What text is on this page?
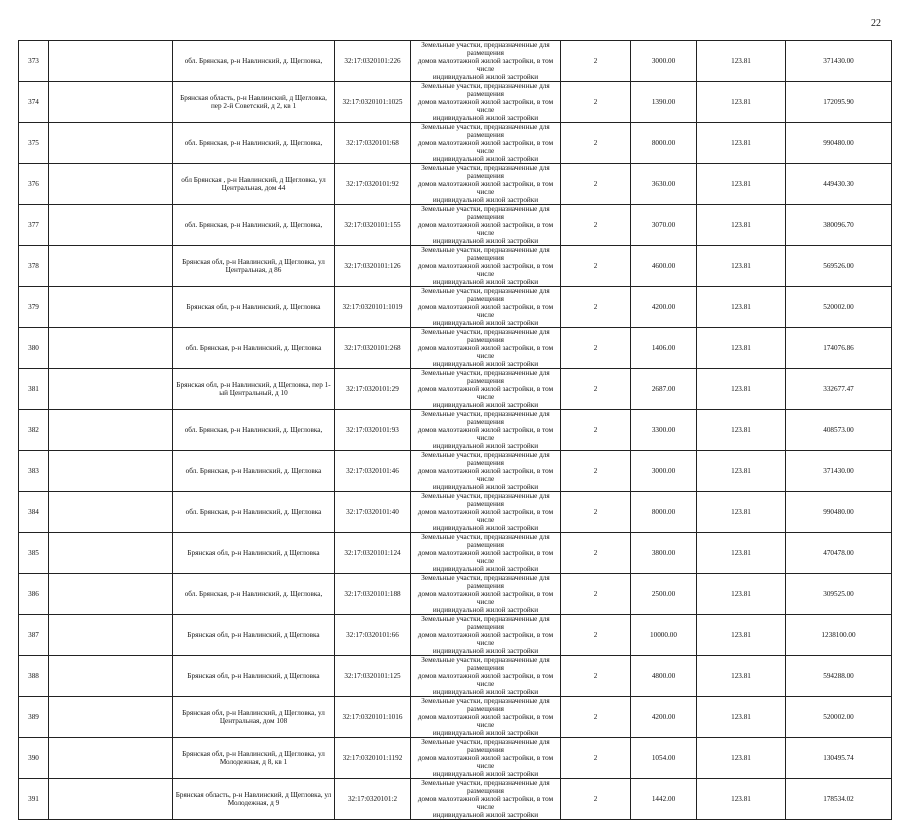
22
373		обл. Брянская, р-н Навлинский, д. Щегловка,	32:17:0320101:226	Земельные участки, предназначенные для размещения
домов малоэтажной жилой застройки, в том числе
индивидуальной жилой застройки	2	3000.00	123.81	371430.00
374		Брянская область, р-н Навлинский, д Щегловка, пер 2-й Советский, д 2, кв 1	32:17:0320101:1025	Земельные участки, предназначенные для размещения
домов малоэтажной жилой застройки, в том числе
индивидуальной жилой застройки	2	1390.00	123.81	172095.90
375		обл. Брянская, р-н Навлинский, д. Щегловка,	32:17:0320101:68	Земельные участки, предназначенные для размещения
домов малоэтажной жилой застройки, в том числе
индивидуальной жилой застройки	2	8000.00	123.81	990480.00
376		обл Брянская , р-н Навлинский, д Щегловка, ул Центральная, дом 44	32:17:0320101:92	Земельные участки, предназначенные для размещения
домов малоэтажной жилой застройки, в том числе
индивидуальной жилой застройки	2	3630.00	123.81	449430.30
377		обл. Брянская, р-н Навлинский, д. Щегловка,	32:17:0320101:155	Земельные участки, предназначенные для размещения
домов малоэтажной жилой застройки, в том числе
индивидуальной жилой застройки	2	3070.00	123.81	380096.70
378		Брянская обл, р-н Навлинский, д Щегловка, ул Центральная, д 86	32:17:0320101:126	Земельные участки, предназначенные для размещения
домов малоэтажной жилой застройки, в том числе
индивидуальной жилой застройки	2	4600.00	123.81	569526.00
379		Брянская обл, р-н Навлинский, д. Щегловка	32:17:0320101:1019	Земельные участки, предназначенные для размещения
домов малоэтажной жилой застройки, в том числе
индивидуальной жилой застройки	2	4200.00	123.81	520002.00
380		обл. Брянская, р-н Навлинский, д. Щегловка	32:17:0320101:268	Земельные участки, предназначенные для размещения
домов малоэтажной жилой застройки, в том числе
индивидуальной жилой застройки	2	1406.00	123.81	174076.86
381		Брянская обл, р-н Навлинский, д Щегловка, пер 1-ый Центральный, д 10	32:17:0320101:29	Земельные участки, предназначенные для размещения
домов малоэтажной жилой застройки, в том числе
индивидуальной жилой застройки	2	2687.00	123.81	332677.47
382		обл. Брянская, р-н Навлинский, д. Щегловка,	32:17:0320101:93	Земельные участки, предназначенные для размещения
домов малоэтажной жилой застройки, в том числе
индивидуальной жилой застройки	2	3300.00	123.81	408573.00
383		обл. Брянская, р-н Навлинский, д. Щегловка	32:17:0320101:46	Земельные участки, предназначенные для размещения
домов малоэтажной жилой застройки, в том числе
индивидуальной жилой застройки	2	3000.00	123.81	371430.00
384		обл. Брянская, р-н Навлинский, д. Щегловка	32:17:0320101:40	Земельные участки, предназначенные для размещения
домов малоэтажной жилой застройки, в том числе
индивидуальной жилой застройки	2	8000.00	123.81	990480.00
385		Брянская обл, р-н Навлинский, д Щегловка	32:17:0320101:124	Земельные участки, предназначенные для размещения
домов малоэтажной жилой застройки, в том числе
индивидуальной жилой застройки	2	3800.00	123.81	470478.00
386		обл. Брянская, р-н Навлинский, д. Щегловка,	32:17:0320101:188	Земельные участки, предназначенные для размещения
домов малоэтажной жилой застройки, в том числе
индивидуальной жилой застройки	2	2500.00	123.81	309525.00
387		Брянская обл, р-н Навлинский, д Щегловка	32:17:0320101:66	Земельные участки, предназначенные для размещения
домов малоэтажной жилой застройки, в том числе
индивидуальной жилой застройки	2	10000.00	123.81	1238100.00
388		Брянская обл, р-н Навлинский, д Щегловка	32:17:0320101:125	Земельные участки, предназначенные для размещения
домов малоэтажной жилой застройки, в том числе
индивидуальной жилой застройки	2	4800.00	123.81	594288.00
389		Брянская обл, р-н Навлинский, д Щегловка, ул Центральная, дом 108	32:17:0320101:1016	Земельные участки, предназначенные для размещения
домов малоэтажной жилой застройки, в том числе
индивидуальной жилой застройки	2	4200.00	123.81	520002.00
390		Брянская обл, р-н Навлинский, д Щегловка, ул Молодежная, д 8, кв 1	32:17:0320101:1192	Земельные участки, предназначенные для размещения
домов малоэтажной жилой застройки, в том числе
индивидуальной жилой застройки	2	1054.00	123.81	130495.74
391		Брянская область, р-н Навлинский, д Щегловка, ул Молодежная, д 9	32:17:0320101:2	Земельные участки, предназначенные для размещения
домов малоэтажной жилой застройки, в том числе
индивидуальной жилой застройки	2	1442.00	123.81	178534.02
